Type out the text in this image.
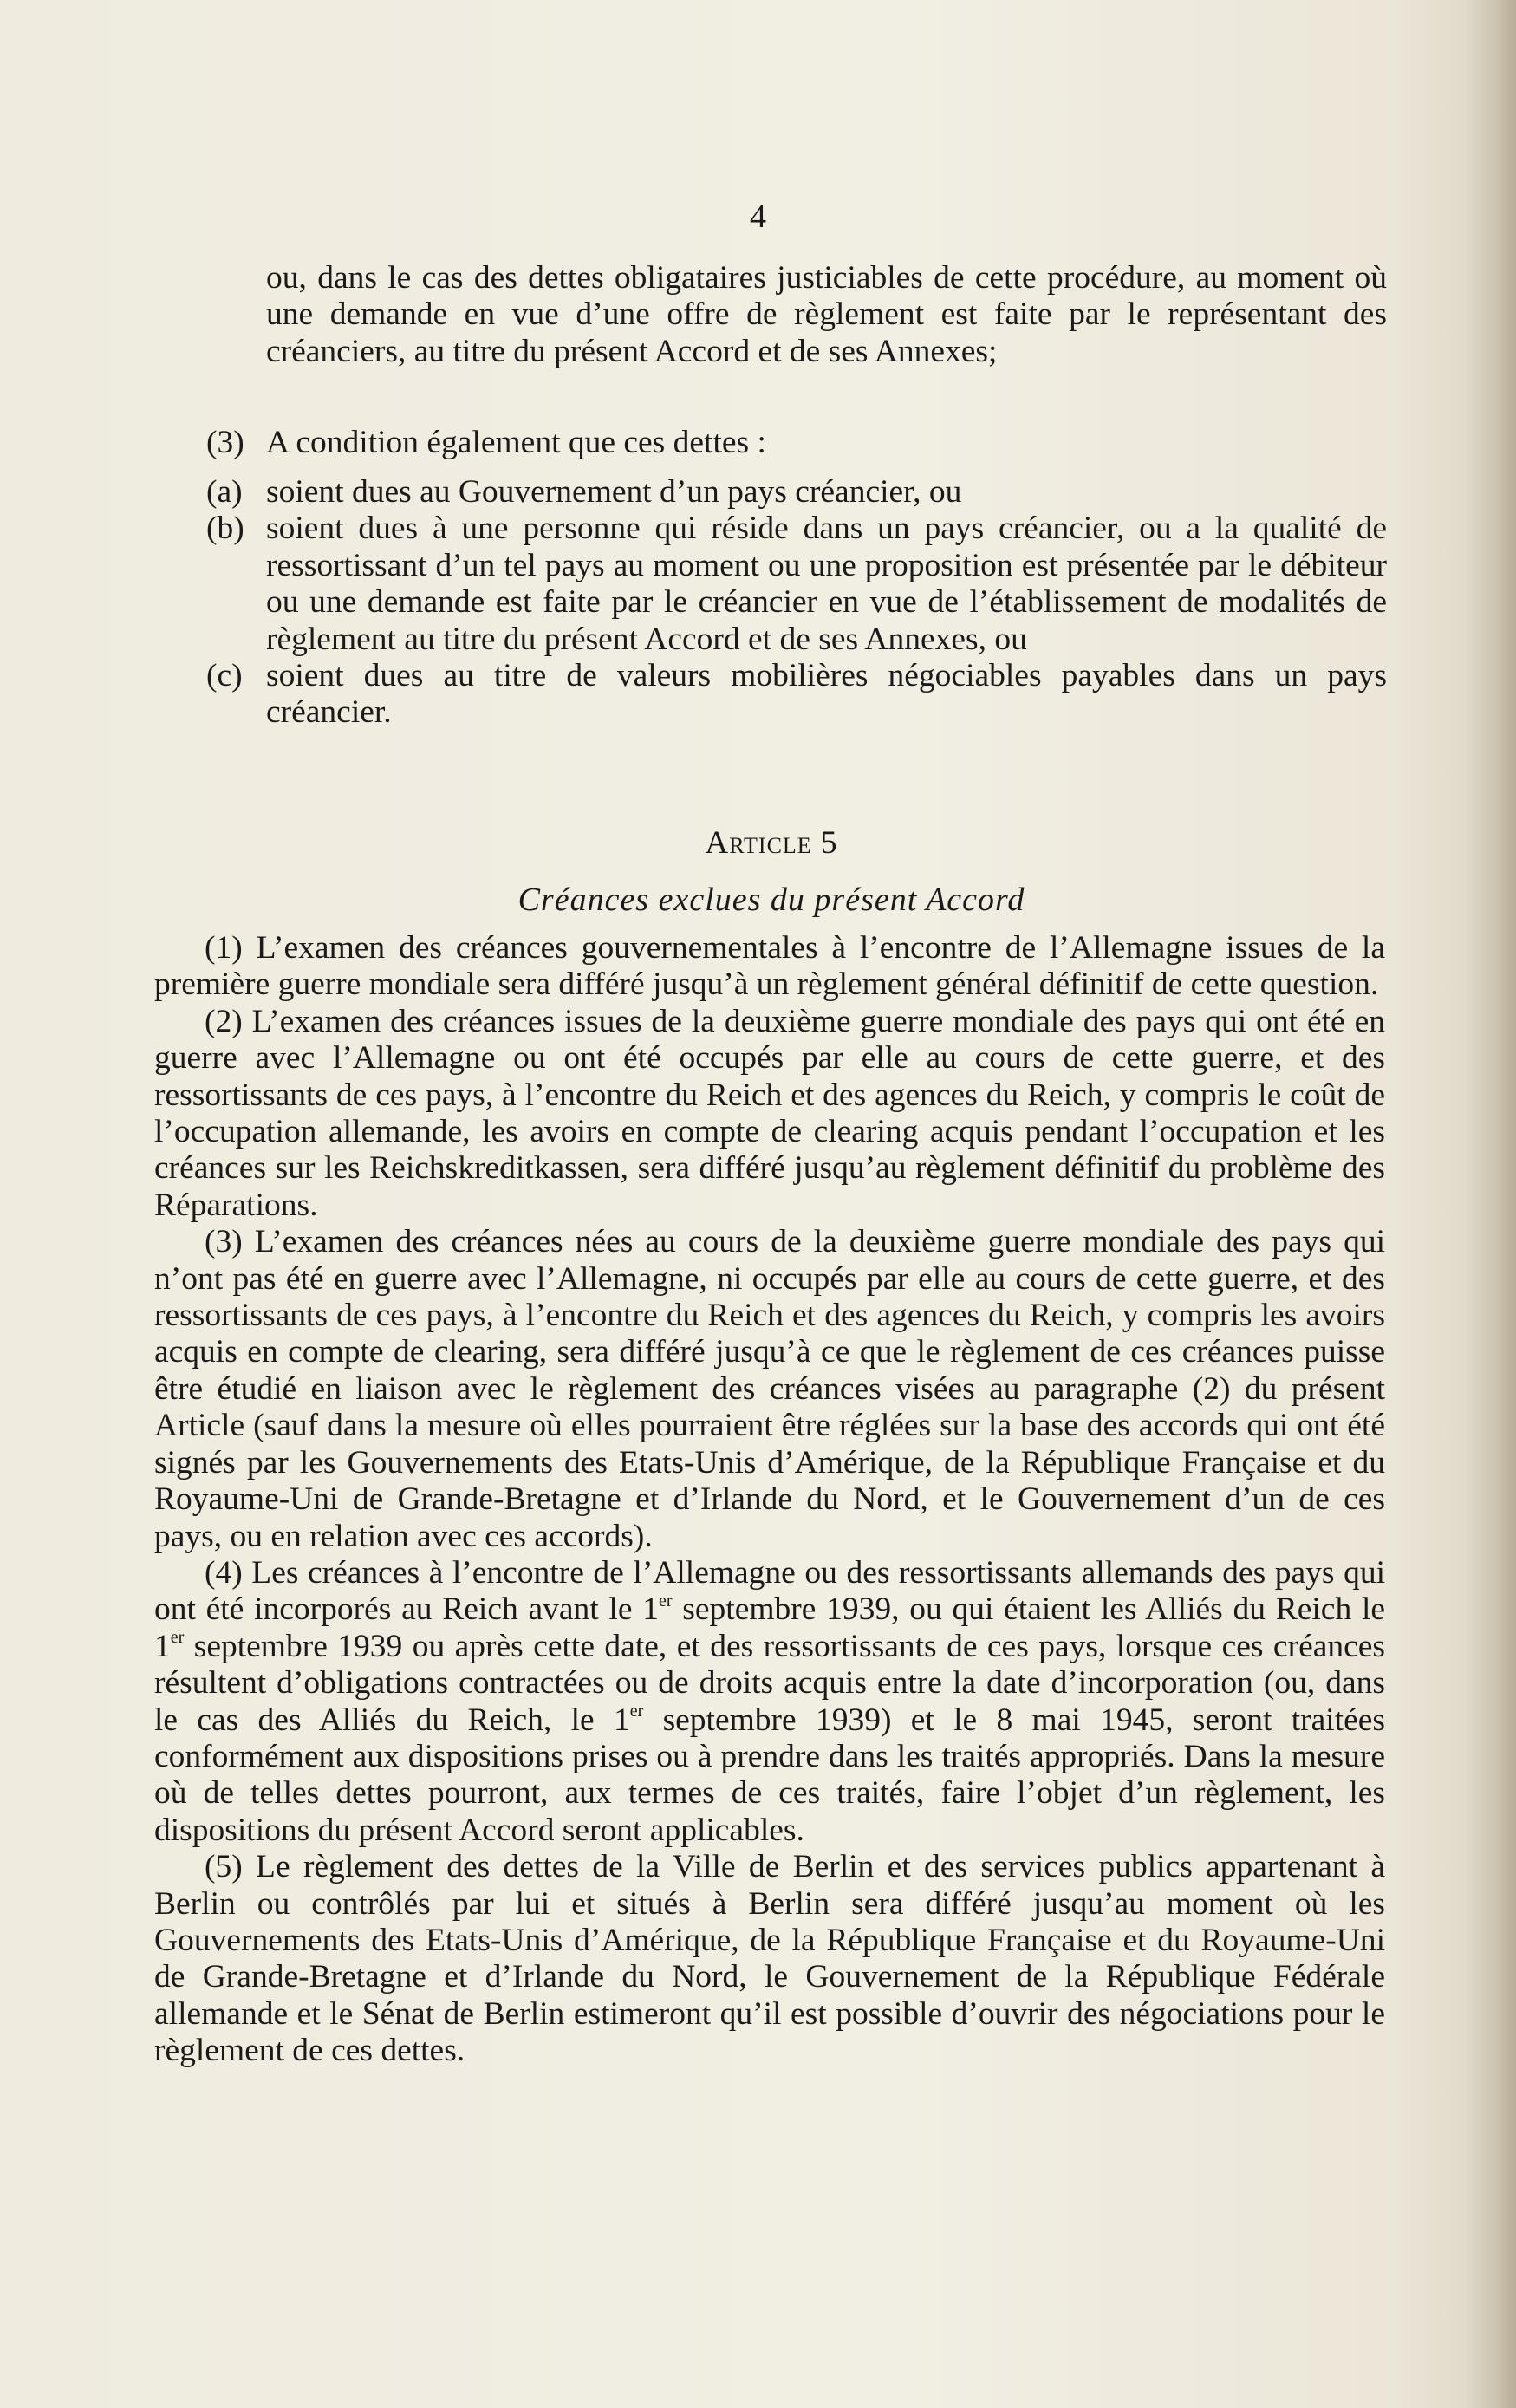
4

ou, dans le cas des dettes obligataires justiciables de cette procédure, au moment où une demande en vue d’une offre de règlement est faite par le représentant des créanciers, au titre du présent Accord et de ses Annexes;

(3) A condition également que ces dettes :
(a) soient dues au Gouvernement d’un pays créancier, ou
(b) soient dues à une personne qui réside dans un pays créancier, ou a la qualité de ressortissant d’un tel pays au moment ou une proposition est présentée par le débiteur ou une demande est faite par le créancier en vue de l’établissement de modalités de règlement au titre du présent Accord et de ses Annexes, ou
(c) soient dues au titre de valeurs mobilières négociables payables dans un pays créancier.
Article 5
Créances exclues du présent Accord

(1) L’examen des créances gouvernementales à l’encontre de l’Allemagne issues de la première guerre mondiale sera différé jusqu’à un règlement général définitif de cette question.

(2) L’examen des créances issues de la deuxième guerre mondiale des pays qui ont été en guerre avec l’Allemagne ou ont été occupés par elle au cours de cette guerre, et des ressortissants de ces pays, à l’encontre du Reich et des agences du Reich, y compris le coût de l’occupation allemande, les avoirs en compte de clearing acquis pendant l’occupation et les créances sur les Reichskreditkassen, sera différé jusqu’au règlement définitif du problème des Réparations.

(3) L’examen des créances nées au cours de la deuxième guerre mondiale des pays qui n’ont pas été en guerre avec l’Allemagne, ni occupés par elle au cours de cette guerre, et des ressortissants de ces pays, à l’encontre du Reich et des agences du Reich, y compris les avoirs acquis en compte de clearing, sera différé jusqu’à ce que le règlement de ces créances puisse être étudié en liaison avec le règlement des créances visées au paragraphe (2) du présent Article (sauf dans la mesure où elles pourraient être réglées sur la base des accords qui ont été signés par les Gouvernements des Etats-Unis d’Amérique, de la République Française et du Royaume-Uni de Grande-Bretagne et d’Irlande du Nord, et le Gouvernement d’un de ces pays, ou en relation avec ces accords).

(4) Les créances à l’encontre de l’Allemagne ou des ressortissants allemands des pays qui ont été incorporés au Reich avant le 1er septembre 1939, ou qui étaient les Alliés du Reich le 1er septembre 1939 ou après cette date, et des ressortissants de ces pays, lorsque ces créances résultent d’obligations contractées ou de droits acquis entre la date d’incorporation (ou, dans le cas des Alliés du Reich, le 1er septembre 1939) et le 8 mai 1945, seront traitées conformément aux dispositions prises ou à prendre dans les traités appropriés. Dans la mesure où de telles dettes pourront, aux termes de ces traités, faire l’objet d’un règlement, les dispositions du présent Accord seront applicables.

(5) Le règlement des dettes de la Ville de Berlin et des services publics appartenant à Berlin ou contrôlés par lui et situés à Berlin sera différé jusqu’au moment où les Gouvernements des Etats-Unis d’Amérique, de la République Française et du Royaume-Uni de Grande-Bretagne et d’Irlande du Nord, le Gouvernement de la République Fédérale allemande et le Sénat de Berlin estimeront qu’il est possible d’ouvrir des négociations pour le règlement de ces dettes.
